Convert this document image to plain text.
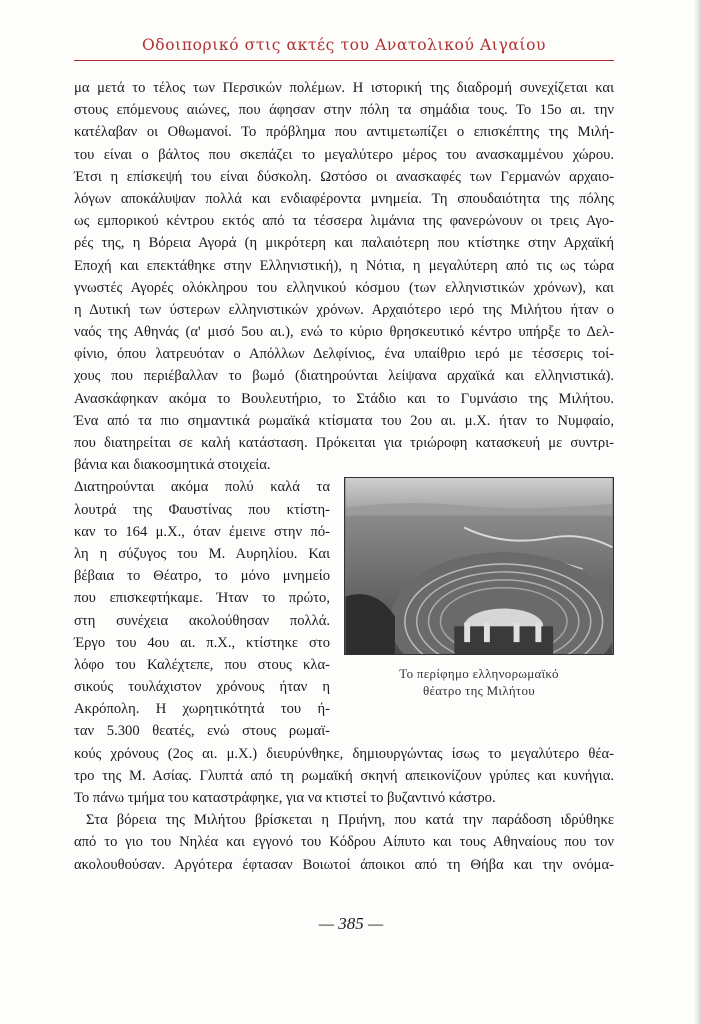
Οδοιπορικό στις ακτές του Ανατολικού Αιγαίου
μα μετά το τέλος των Περσικών πολέμων. Η ιστορική της διαδρομή συνεχίζεται και
στους επόμενους αιώνες, που άφησαν στην πόλη τα σημάδια τους. Το 15ο αι. την
κατέλαβαν οι Οθωμανοί. Το πρόβλημα που αντιμετωπίζει ο επισκέπτης της Μιλή-
του είναι ο βάλτος που σκεπάζει το μεγαλύτερο μέρος του ανασκαμμένου χώρου.
Έτσι η επίσκεψή του είναι δύσκολη. Ωστόσο οι ανασκαφές των Γερμανών αρχαιο-
λόγων αποκάλυψαν πολλά και ενδιαφέροντα μνημεία. Τη σπουδαιότητα της πόλης
ως εμπορικού κέντρου εκτός από τα τέσσερα λιμάνια της φανερώνουν οι τρεις Αγο-
ρές της, η Βόρεια Αγορά (η μικρότερη και παλαιότερη που κτίστηκε στην Αρχαϊκή
Εποχή και επεκτάθηκε στην Ελληνιστική), η Νότια, η μεγαλύτερη από τις ως τώρα
γνωστές Αγορές ολόκληρου του ελληνικού κόσμου (των ελληνιστικών χρόνων), και
η Δυτική των ύστερων ελληνιστικών χρόνων. Αρχαιότερο ιερό της Μιλήτου ήταν ο
ναός της Αθηνάς (α' μισό 5ου αι.), ενώ το κύριο θρησκευτικό κέντρο υπήρξε το Δελ-
φίνιο, όπου λατρευόταν ο Απόλλων Δελφίνιος, ένα υπαίθριο ιερό με τέσσερις τοί-
χους που περιέβαλλαν το βωμό (διατηρούνται λείψανα αρχαϊκά και ελληνιστικά).
Ανασκάφηκαν ακόμα το Βουλευτήριο, το Στάδιο και το Γυμνάσιο της Μιλήτου.
Ένα από τα πιο σημαντικά ρωμαϊκά κτίσματα του 2ου αι. μ.Χ. ήταν το Νυμφαίο,
που διατηρείται σε καλή κατάσταση. Πρόκειται για τριώροφη κατασκευή με συντρι-
βάνια και διακοσμητικά στοιχεία.
Διατηρούνται ακόμα πολύ καλά τα
λουτρά της Φαυστίνας που κτίστη-
καν το 164 μ.Χ., όταν έμεινε στην πό-
λη η σύζυγος του Μ. Αυρηλίου. Και
βέβαια το Θέατρο, το μόνο μνημείο
που επισκεφτήκαμε. Ήταν το πρώτο,
στη συνέχεια ακολούθησαν πολλά.
Έργο του 4ου αι. π.Χ., κτίστηκε στο
λόφο του Καλέχτεπε, που στους κλα-
σικούς τουλάχιστον χρόνους ήταν η
Ακρόπολη. Η χωρητικότητά του ή-
ταν 5.300 θεατές, ενώ στους ρωμαϊ-
κούς χρόνους (2ος αι. μ.Χ.) διευρύνθηκε, δημιουργώντας ίσως το μεγαλύτερο θέα-
τρο της Μ. Ασίας. Γλυπτά από τη ρωμαϊκή σκηνή απεικονίζουν γρύπες και κυνήγια.
Το πάνω τμήμα του καταστράφηκε, για να κτιστεί το βυζαντινό κάστρο.
Στα βόρεια της Μιλήτου βρίσκεται η Πριήνη, που κατά την παράδοση ιδρύθηκε
από το γιο του Νηλέα και εγγονό του Κόδρου Αίπυτο και τους Αθηναίους που τον
ακολουθούσαν. Αργότερα έφτασαν Βοιωτοί άποικοι από τη Θήβα και την ονόμα-
Το περίφημο ελληνορωμαϊκό
θέατρο της Μιλήτου
— 385 —
